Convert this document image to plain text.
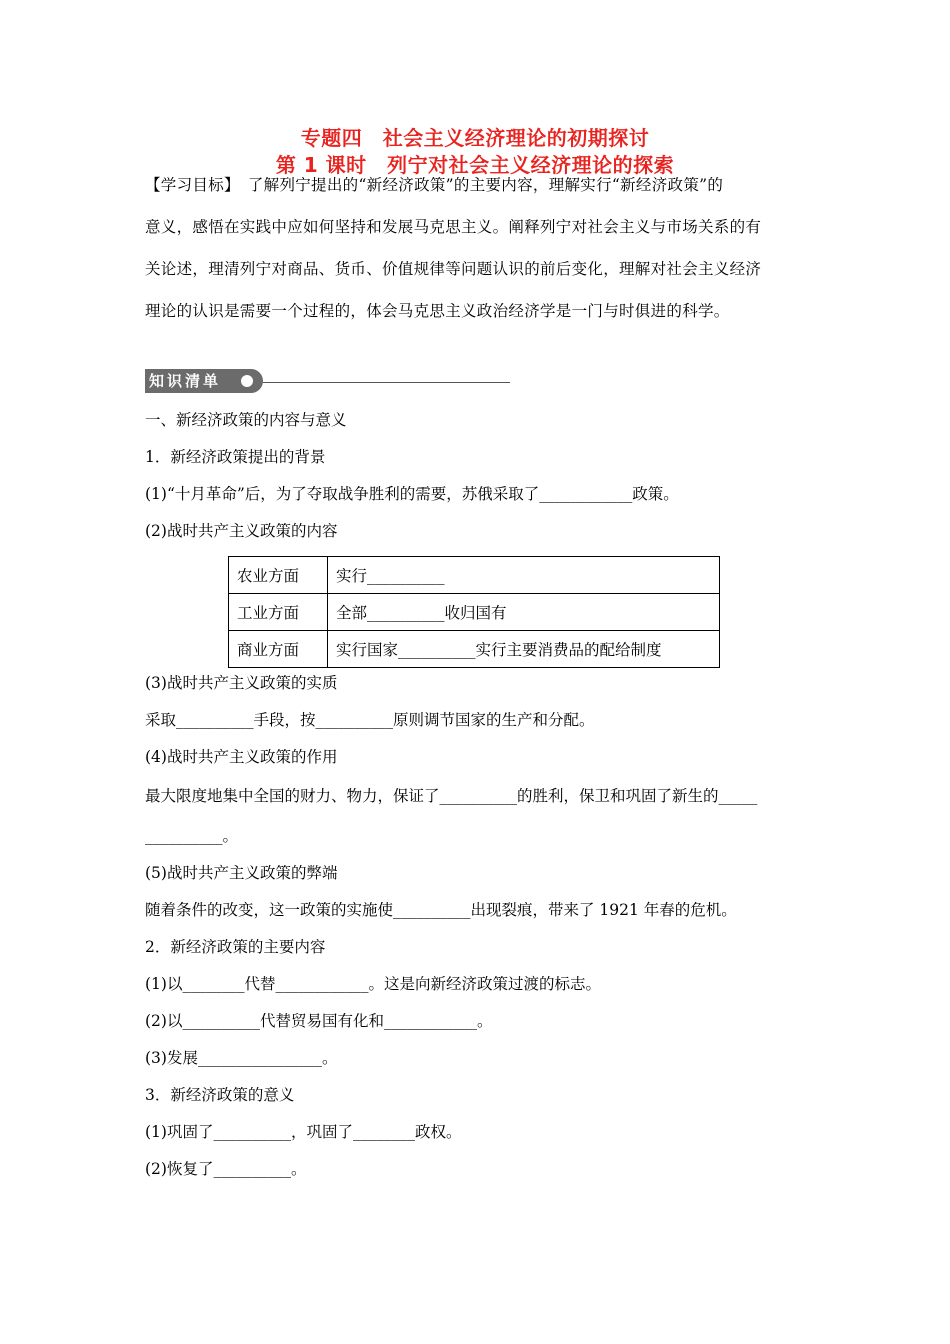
专题四　社会主义经济理论的初期探讨
第 1 课时　列宁对社会主义经济理论的探索
【学习目标】　了解列宁提出的“新经济政策”的主要内容，理解实行“新经济政策”的
意义，感悟在实践中应如何坚持和发展马克思主义。阐释列宁对社会主义与市场关系的有
关论述，理清列宁对商品、货币、价值规律等问题认识的前后变化，理解对社会主义经济
理论的认识是需要一个过程的，体会马克思主义政治经济学是一门与时俱进的科学。
知识清单
一、新经济政策的内容与意义
1．新经济政策提出的背景
(1)“十月革命”后，为了夺取战争胜利的需要，苏俄采取了____________政策。
(2)战时共产主义政策的内容
农业方面	实行__________
工业方面	全部__________收归国有
商业方面	实行国家__________实行主要消费品的配给制度
(3)战时共产主义政策的实质
采取__________手段，按__________原则调节国家的生产和分配。
(4)战时共产主义政策的作用
最大限度地集中全国的财力、物力，保证了__________的胜利，保卫和巩固了新生的_____
__________。
(5)战时共产主义政策的弊端
随着条件的改变，这一政策的实施使__________出现裂痕，带来了 1921 年春的危机。
2．新经济政策的主要内容
(1)以________代替____________。这是向新经济政策过渡的标志。
(2)以__________代替贸易国有化和____________。
(3)发展________________。
3．新经济政策的意义
(1)巩固了__________，巩固了________政权。
(2)恢复了__________。
